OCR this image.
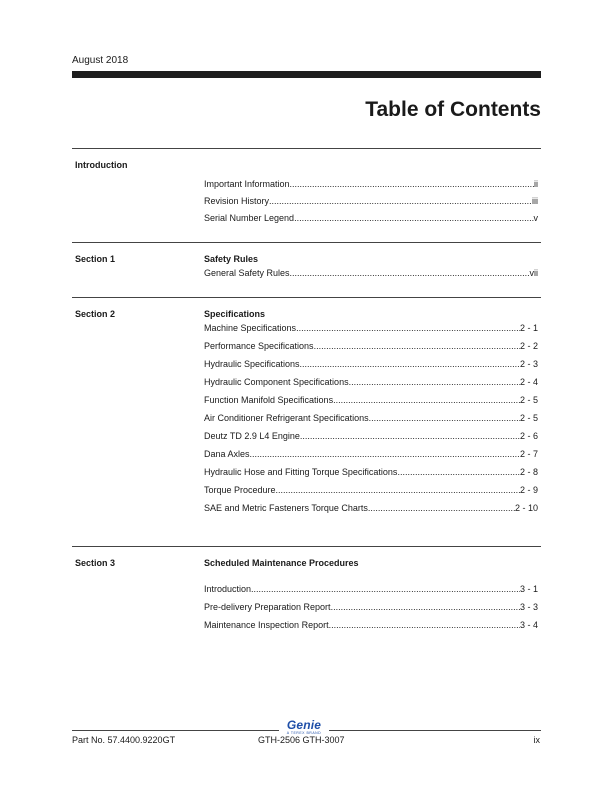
August 2018
Table of Contents
Introduction
Important Information .....	ii
Revision History .....	iii
Serial Number Legend .....	v
Section 1	Safety Rules
General Safety Rules .....	vii
Section 2	Specifications
Machine Specifications .....	2 - 1
Performance Specifications .....	2 - 2
Hydraulic Specifications .....	2 - 3
Hydraulic Component Specifications .....	2 - 4
Function Manifold Specifications .....	2 - 5
Air Conditioner Refrigerant Specifications .....	2 - 5
Deutz TD 2.9 L4 Engine .....	2 - 6
Dana Axles .....	2 - 7
Hydraulic Hose and Fitting Torque Specifications .....	2 - 8
Torque Procedure .....	2 - 9
SAE and Metric Fasteners Torque Charts .....	2 - 10
Section 3	Scheduled Maintenance Procedures
Introduction .....	3 - 1
Pre-delivery Preparation Report .....	3 - 3
Maintenance Inspection Report .....	3 - 4
Genie
A TEREX BRAND
Part No. 57.4400.9220GT	GTH-2506 GTH-3007	ix
